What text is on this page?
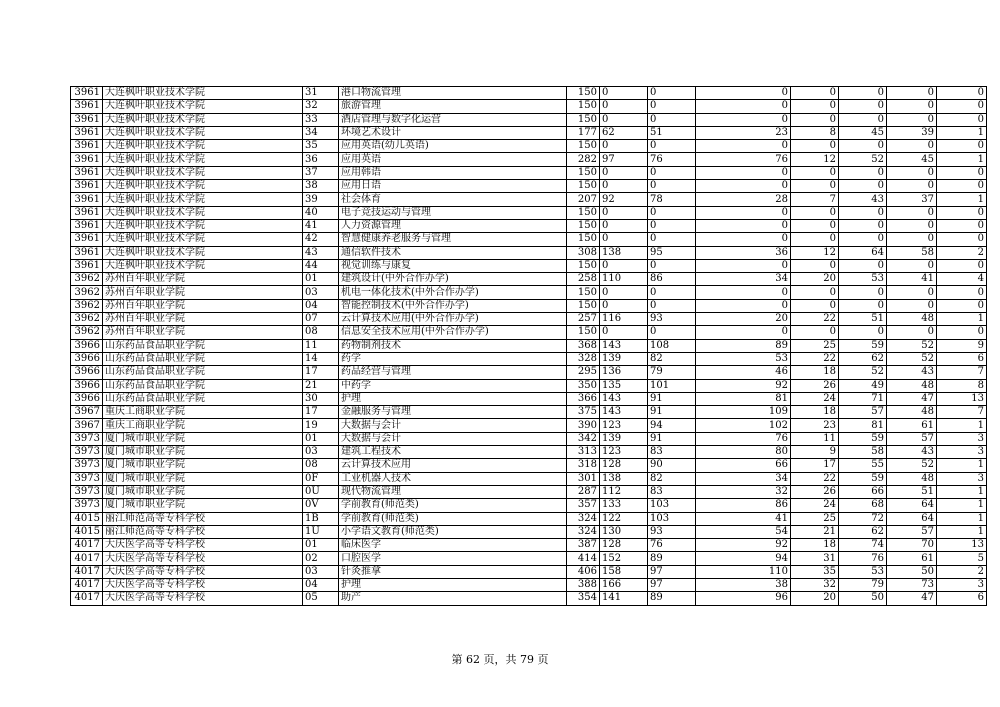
3961	大连枫叶职业技术学院	31	港口物流管理	150	0	0	0	0	0	0	0
3961	大连枫叶职业技术学院	32	旅游管理	150	0	0	0	0	0	0	0
3961	大连枫叶职业技术学院	33	酒店管理与数字化运营	150	0	0	0	0	0	0	0
3961	大连枫叶职业技术学院	34	环境艺术设计	177	62	51	23	8	45	39	1
3961	大连枫叶职业技术学院	35	应用英语(幼儿英语)	150	0	0	0	0	0	0	0
3961	大连枫叶职业技术学院	36	应用英语	282	97	76	76	12	52	45	1
3961	大连枫叶职业技术学院	37	应用韩语	150	0	0	0	0	0	0	0
3961	大连枫叶职业技术学院	38	应用日语	150	0	0	0	0	0	0	0
3961	大连枫叶职业技术学院	39	社会体育	207	92	78	28	7	43	37	1
3961	大连枫叶职业技术学院	40	电子竞技运动与管理	150	0	0	0	0	0	0	0
3961	大连枫叶职业技术学院	41	人力资源管理	150	0	0	0	0	0	0	0
3961	大连枫叶职业技术学院	42	智慧健康养老服务与管理	150	0	0	0	0	0	0	0
3961	大连枫叶职业技术学院	43	通信软件技术	308	138	95	36	12	64	58	2
3961	大连枫叶职业技术学院	44	视觉训练与康复	150	0	0	0	0	0	0	0
3962	苏州百年职业学院	01	建筑设计(中外合作办学)	258	110	86	34	20	53	41	4
3962	苏州百年职业学院	03	机电一体化技术(中外合作办学)	150	0	0	0	0	0	0	0
3962	苏州百年职业学院	04	智能控制技术(中外合作办学)	150	0	0	0	0	0	0	0
3962	苏州百年职业学院	07	云计算技术应用(中外合作办学)	257	116	93	20	22	51	48	1
3962	苏州百年职业学院	08	信息安全技术应用(中外合作办学)	150	0	0	0	0	0	0	0
3966	山东药品食品职业学院	11	药物制剂技术	368	143	108	89	25	59	52	9
3966	山东药品食品职业学院	14	药学	328	139	82	53	22	62	52	6
3966	山东药品食品职业学院	17	药品经营与管理	295	136	79	46	18	52	43	7
3966	山东药品食品职业学院	21	中药学	350	135	101	92	26	49	48	8
3966	山东药品食品职业学院	30	护理	366	143	91	81	24	71	47	13
3967	重庆工商职业学院	17	金融服务与管理	375	143	91	109	18	57	48	7
3967	重庆工商职业学院	19	大数据与会计	390	123	94	102	23	81	61	1
3973	厦门城市职业学院	01	大数据与会计	342	139	91	76	11	59	57	3
3973	厦门城市职业学院	03	建筑工程技术	313	123	83	80	9	58	43	3
3973	厦门城市职业学院	08	云计算技术应用	318	128	90	66	17	55	52	1
3973	厦门城市职业学院	0F	工业机器人技术	301	138	82	34	22	59	48	3
3973	厦门城市职业学院	0U	现代物流管理	287	112	83	32	26	66	51	1
3973	厦门城市职业学院	0V	学前教育(师范类)	357	133	103	86	24	68	64	1
4015	丽江师范高等专科学校	1B	学前教育(师范类)	324	122	103	41	25	72	64	1
4015	丽江师范高等专科学校	1U	小学语文教育(师范类)	324	130	93	54	21	62	57	1
4017	大庆医学高等专科学校	01	临床医学	387	128	76	92	18	74	70	13
4017	大庆医学高等专科学校	02	口腔医学	414	152	89	94	31	76	61	5
4017	大庆医学高等专科学校	03	针灸推拿	406	158	97	110	35	53	50	2
4017	大庆医学高等专科学校	04	护理	388	166	97	38	32	79	73	3
4017	大庆医学高等专科学校	05	助产	354	141	89	96	20	50	47	6
第 62 页，共 79 页
